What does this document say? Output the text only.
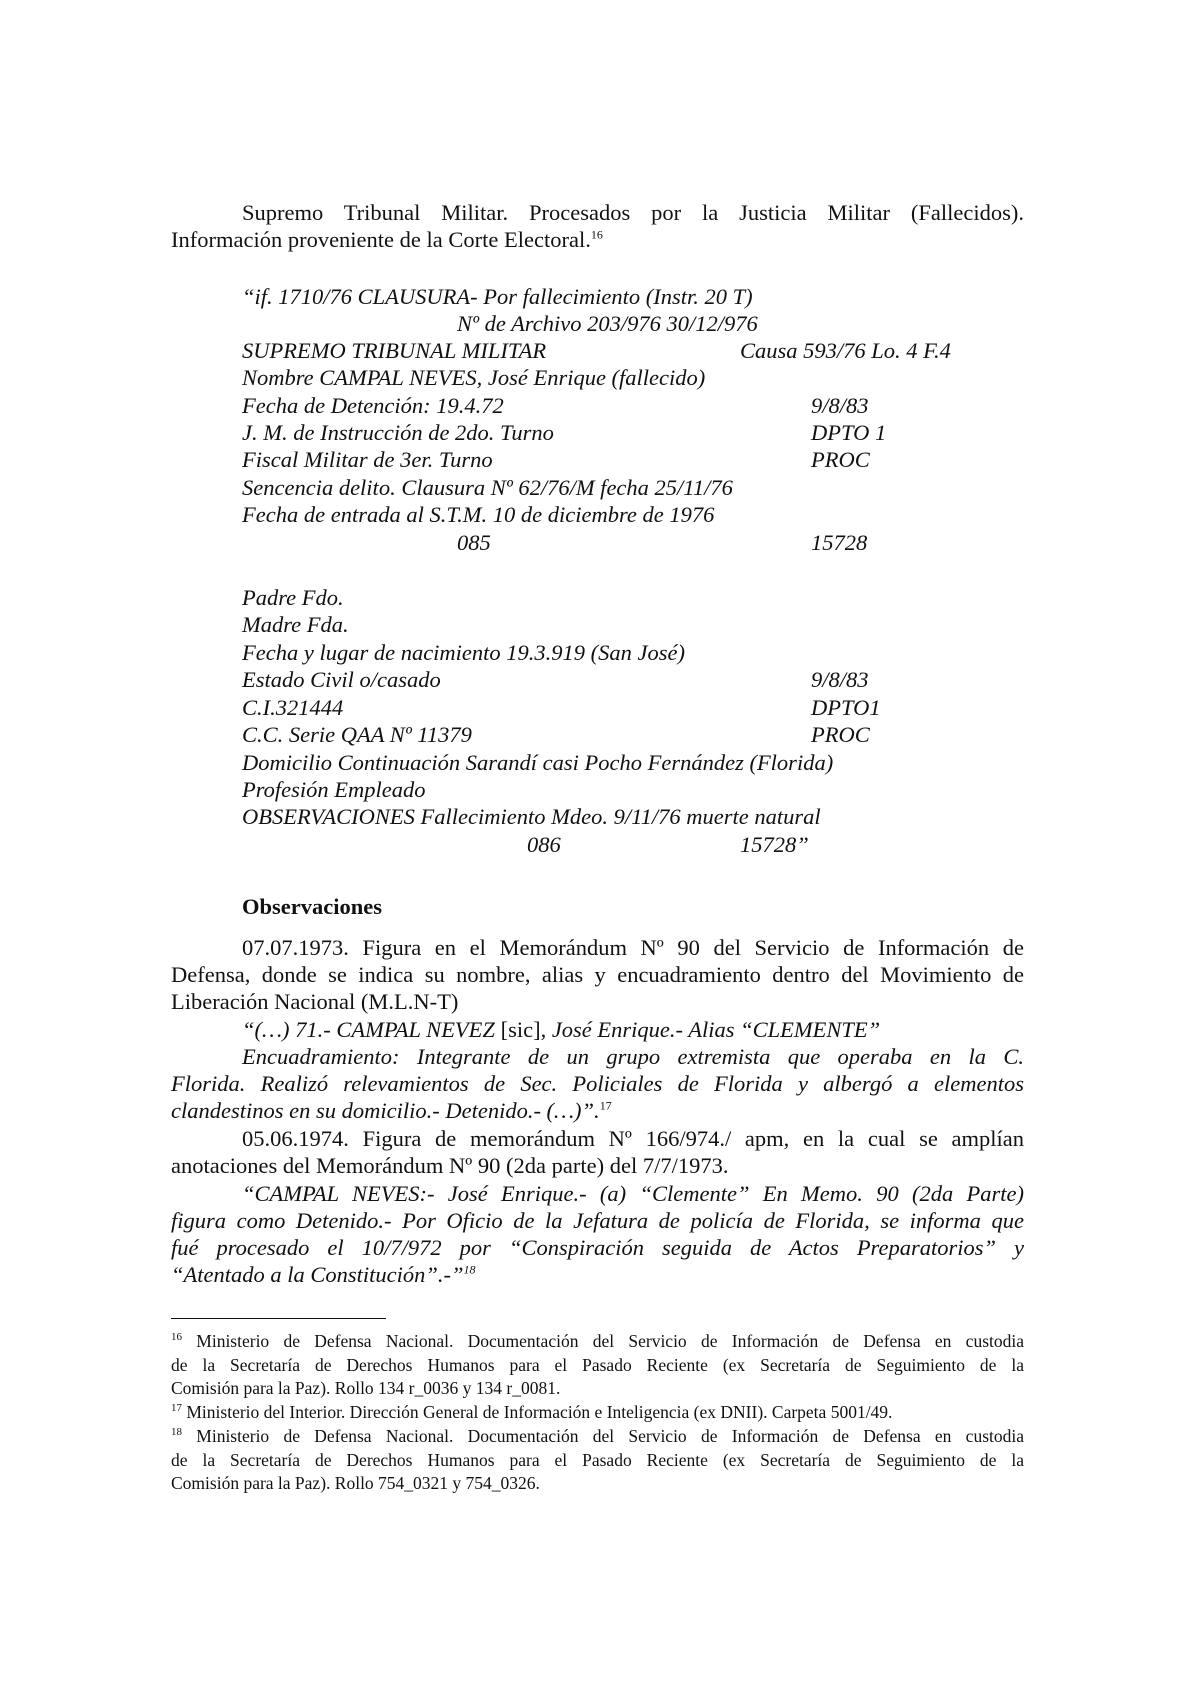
Supremo Tribunal Militar. Procesados por la Justicia Militar (Fallecidos).

Información proveniente de la Corte Electoral.$^{16}$

“if. 1710/76 CLAUSURA- Por fallecimiento (Instr. 20 T)

Nº de Archivo 203/976 30/12/976

SUPREMO TRIBUNAL MILITAR	Causa 593/76 Lo. 4 F.4

Nombre CAMPAL NEVES, José Enrique (fallecido)

Fecha de Detención: 19.4.72	9/8/83

J. M. de Instrucción de 2do. Turno	DPTO 1

Fiscal Militar de 3er. Turno	PROC

Sencencia delito. Clausura Nº 62/76/M fecha 25/11/76

Fecha de entrada al S.T.M. 10 de diciembre de 1976

085	15728

Padre Fdo.

Madre Fda.

Fecha y lugar de nacimiento 19.3.919 (San José)

Estado Civil o/casado	9/8/83

C.I.321444	DPTO1

C.C. Serie QAA Nº 11379	PROC

Domicilio Continuación Sarandí casi Pocho Fernández (Florida)

Profesión Empleado

OBSERVACIONES Fallecimiento Mdeo. 9/11/76 muerte natural

086	15728”

Observaciones

07.07.1973. Figura en el Memorándum Nº 90 del Servicio de Información de

Defensa, donde se indica su nombre, alias y encuadramiento dentro del Movimiento de

Liberación Nacional (M.L.N-T)

“(…) 71.- CAMPAL NEVEZ [sic], José Enrique.- Alias “CLEMENTE”

Encuadramiento: Integrante de un grupo extremista que operaba en la C.

Florida. Realizó relevamientos de Sec. Policiales de Florida y albergó a elementos

clandestinos en su domicilio.- Detenido.- (…)”.$^{17}$

05.06.1974. Figura de memorándum Nº 166/974./ apm, en la cual se amplían

anotaciones del Memorándum Nº 90 (2da parte) del 7/7/1973.

“CAMPAL NEVES:- José Enrique.- (a) “Clemente” En Memo. 90 (2da Parte)

figura como Detenido.- Por Oficio de la Jefatura de policía de Florida, se informa que

fué procesado el 10/7/972 por “Conspiración seguida de Actos Preparatorios” y

“Atentado a la Constitución”.-”$^{18}$

$^{16}$ Ministerio de Defensa Nacional. Documentación del Servicio de Información de Defensa en custodia
de la Secretaría de Derechos Humanos para el Pasado Reciente (ex Secretaría de Seguimiento de la
Comisión para la Paz). Rollo 134 r_0036 y 134 r_0081.
$^{17}$ Ministerio del Interior. Dirección General de Información e Inteligencia (ex DNII). Carpeta 5001/49.
$^{18}$ Ministerio de Defensa Nacional. Documentación del Servicio de Información de Defensa en custodia
de la Secretaría de Derechos Humanos para el Pasado Reciente (ex Secretaría de Seguimiento de la
Comisión para la Paz). Rollo 754_0321 y 754_0326.
